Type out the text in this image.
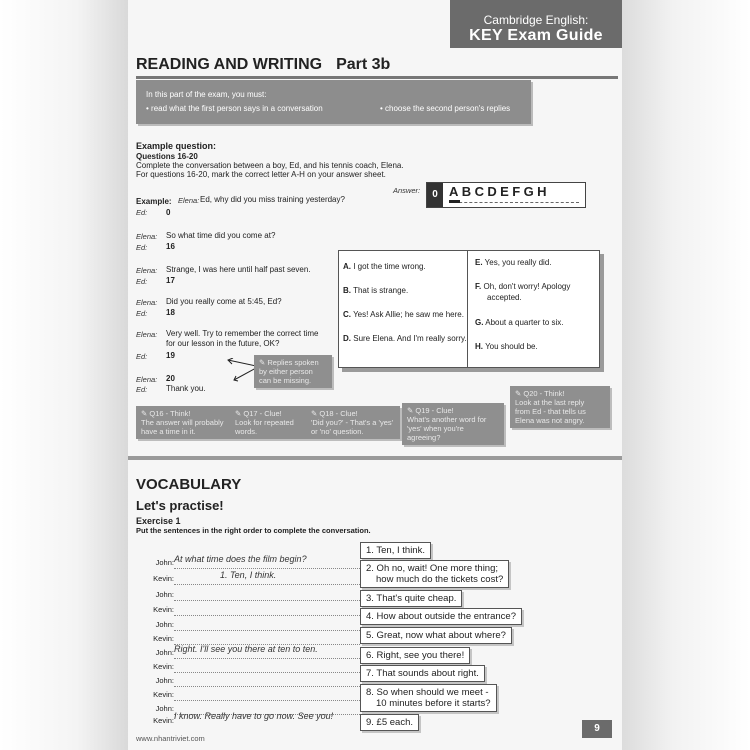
Cambridge English:
KEY Exam Guide
READING AND WRITING Part 3b
In this part of the exam, you must:
• read what the first person says in a conversation	• choose the second person's replies
Example question:
Questions 16-20
Complete the conversation between a boy, Ed, and his tennis coach, Elena.
For questions 16-20, mark the correct letter A-H on your answer sheet.
Example:
Answer:	0 ABCDEFGH
Elena: Ed, why did you miss training yesterday?
Ed: 0
Elena: So what time did you come at?
Ed: 16
Elena: Strange, I was here until half past seven.
Ed: 17
Elena: Did you really come at 5:45, Ed?
Ed: 18
Elena: Very well. Try to remember the correct time
for our lesson in the future, OK?
Ed: 19
Elena: 20
Ed: Thank you.
✎ Replies spoken
by either person
can be missing.
A. I got the time wrong.
B. That is strange.
C. Yes! Ask Allie; he saw me here.
D. Sure Elena. And I'm really sorry.
E. Yes, you really did.
F. Oh, don't worry! Apology
accepted.
G. About a quarter to six.
H. You should be.
✎ Q16 - Think!
The answer will probably
have a time in it.
✎ Q17 - Clue!
Look for repeated
words.
✎ Q18 - Clue!
'Did you?' - That's a 'yes'
or 'no' question.
✎ Q19 - Clue!
What's another word for
'yes' when you're agreeing?
✎ Q20 - Think!
Look at the last reply
from Ed - that tells us
Elena was not angry.
VOCABULARY
Let's practise!
Exercise 1
Put the sentences in the right order to complete the conversation.
John: At what time does the film begin?
Kevin:	1. Ten, I think.
John:
Kevin:
John:
Kevin:
John: Right. I'll see you there at ten to ten.
Kevin:
John:
Kevin:
John:
Kevin: I know. Really have to go now. See you!
1. Ten, I think.
2. Oh no, wait! One more thing;
how much do the tickets cost?
3. That's quite cheap.
4. How about outside the entrance?
5. Great, now what about where?
6. Right, see you there!
7. That sounds about right.
8. So when should we meet -
10 minutes before it starts?
9. £5 each.
www.nhantriviet.com
9
